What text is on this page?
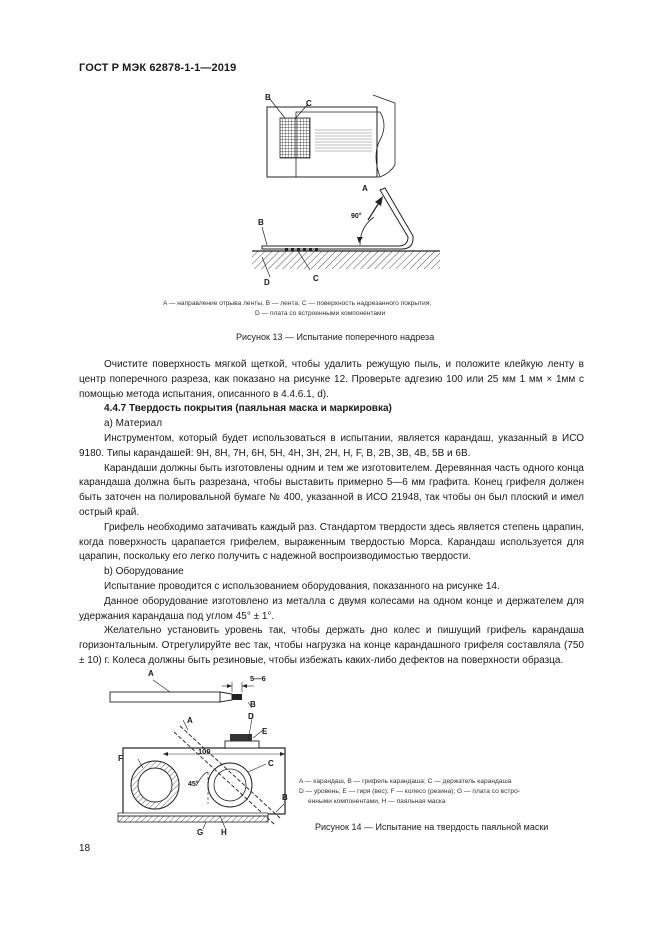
ГОСТ Р МЭК 62878-1-1—2019
B
C
A
90°
B
C
D
A — направление отрыва ленты, B — лента; C — поверхность надрезанного покрытия;
D — плата со встроенными компонентами
Рисунок 13 — Испытание поперечного надреза

Очистите поверхность мягкой щеткой, чтобы удалить режущую пыль, и положите клейкую ленту в центр поперечного разреза, как показано на рисунке 12. Проверьте адгезию 100 или 25 мм 1 мм × 1мм с помощью метода испытания, описанного в 4.4.6.1, d).

4.4.7 Твердость покрытия (паяльная маска и маркировка)

a) Материал

Инструментом, который будет использоваться в испытании, является карандаш, указанный в ИСО 9180. Типы карандашей: 9H, 8H, 7H, 6H, 5H, 4H, 3H, 2H, H, F, B, 2B, 3B, 4B, 5B и 6B.

Карандаши должны быть изготовлены одним и тем же изготовителем. Деревянная часть одного конца карандаша должна быть разрезана, чтобы выставить примерно 5—6 мм графита. Конец грифеля должен быть заточен на полировальной бумаге № 400, указанной в ИСО 21948, так чтобы он был плоский и имел острый край.

Грифель необходимо затачивать каждый раз. Стандартом твердости здесь является степень царапин, когда поверхность царапается грифелем, выраженным твердостью Морса. Карандаш используется для царапин, поскольку его легко получить с надежной воспроизводимостью твердости.

b) Оборудование

Испытание проводится с использованием оборудования, показанного на рисунке 14.

Данное оборудование изготовлено из металла с двумя колесами на одном конце и держателем для удержания карандаша под углом 45° ± 1°.

Желательно установить уровень так, чтобы держать дно колес и пишущий грифель карандаша горизонтальным. Отрегулируйте вес так, чтобы нагрузка на конце карандашного грифеля составляла (750 ± 10) г. Колеса должны быть резиновые, чтобы избежать каких-либо дефектов на поверхности образца.

A
5—6
B
A	D
E
100
F
C
45°
B
G H
A — карандаш, B — грифель карандаша; C — держатель карандаша
D — уровень; E — гиря (вес); F — колесо (резина); G — плата со встро-
енными компонентами, H — паяльная маска
Рисунок 14 — Испытание на твердость паяльной маски
18
